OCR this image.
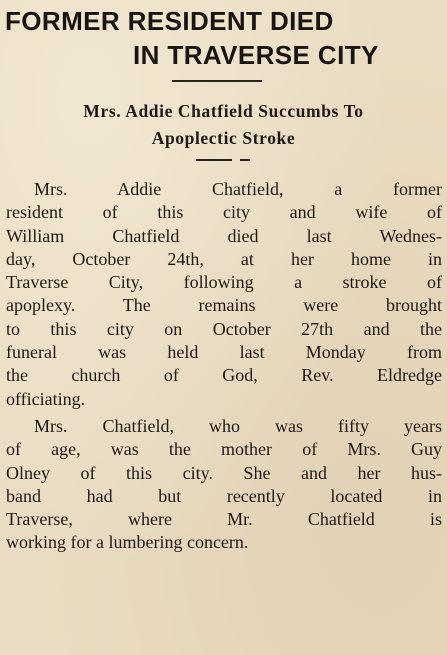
FORMER RESIDENT DIED
IN TRAVERSE CITY
Mrs. Addie Chatfield Succumbs To
Apoplectic Stroke
Mrs. Addie Chatfield, a former
resident of this city and wife of
William Chatfield died last Wednes-
day, October 24th, at her home in
Traverse City, following a stroke of
apoplexy. The remains were brought
to this city on October 27th and the
funeral was held last Monday from
the church of God, Rev. Eldredge
officiating.
Mrs. Chatfield, who was fifty years
of age, was the mother of Mrs. Guy
Olney of this city. She and her hus-
band had but recently located in
Traverse, where Mr. Chatfield is
working for a lumbering concern.
